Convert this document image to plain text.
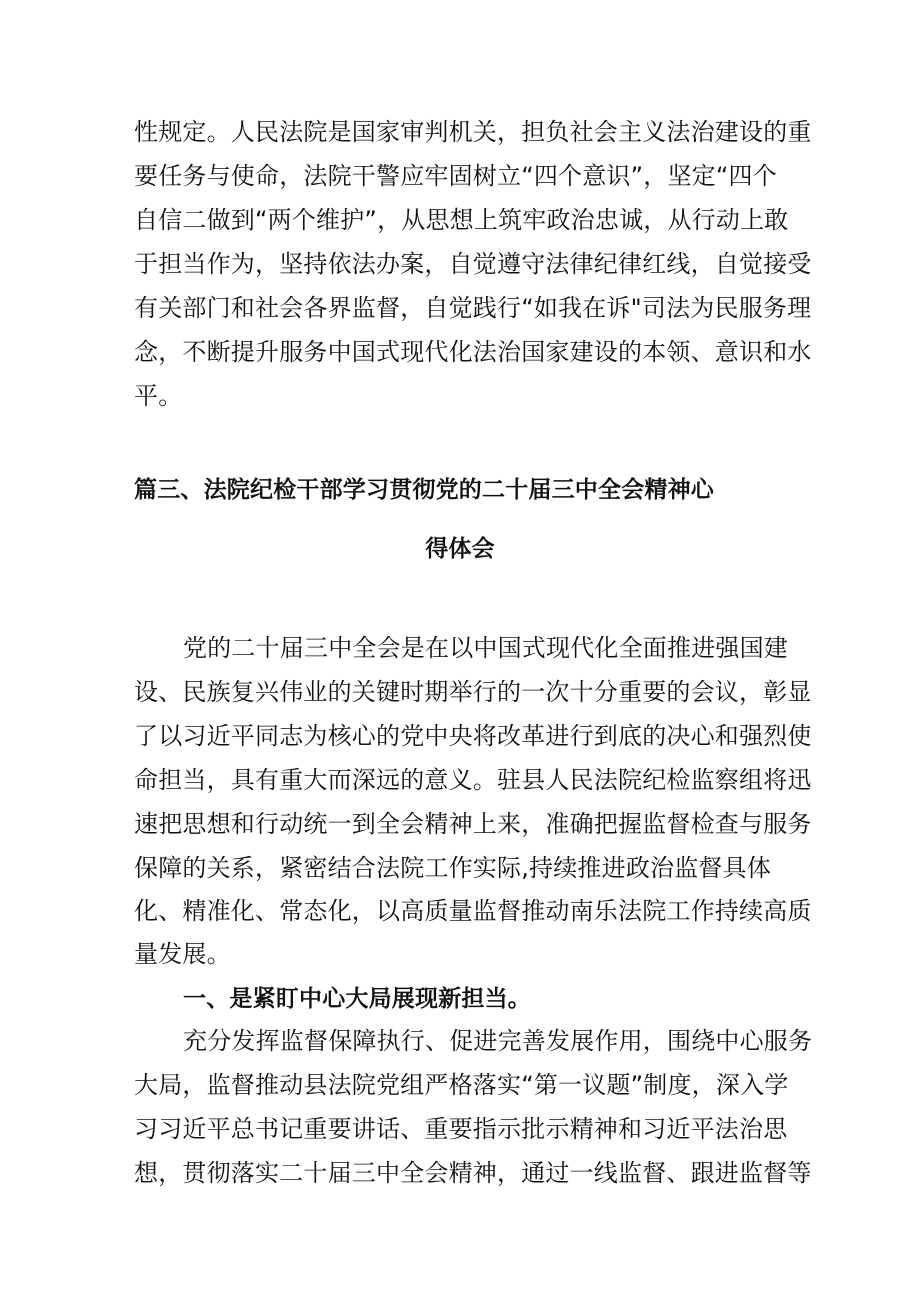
性规定。人民法院是国家审判机关，担负社会主义法治建设的重
要任务与使命，法院干警应牢固树立“四个意识”，坚定“四个
自信二做到“两个维护”，从思想上筑牢政治忠诚，从行动上敢
于担当作为，坚持依法办案，自觉遵守法律纪律红线，自觉接受
有关部门和社会各界监督，自觉践行“如我在诉"司法为民服务理
念，不断提升服务中国式现代化法治国家建设的本领、意识和水
平。
篇三、法院纪检干部学习贯彻党的二十届三中全会精神心
得体会
党的二十届三中全会是在以中国式现代化全面推进强国建
设、民族复兴伟业的关键时期举行的一次十分重要的会议，彰显
了以习近平同志为核心的党中央将改革进行到底的决心和强烈使
命担当，具有重大而深远的意义。驻县人民法院纪检监察组将迅
速把思想和行动统一到全会精神上来，准确把握监督检查与服务
保障的关系，紧密结合法院工作实际,持续推进政治监督具体
化、精准化、常态化，以高质量监督推动南乐法院工作持续高质
量发展。
一、是紧盯中心大局展现新担当。
充分发挥监督保障执行、促进完善发展作用，围绕中心服务
大局，监督推动县法院党组严格落实“第一议题”制度，深入学
习习近平总书记重要讲话、重要指示批示精神和习近平法治思
想，贯彻落实二十届三中全会精神，通过一线监督、跟进监督等
